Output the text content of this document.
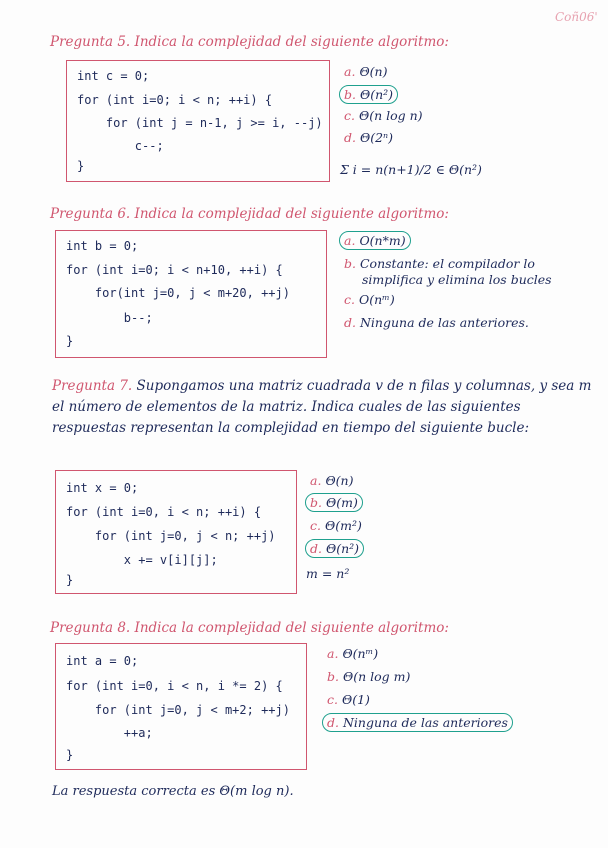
Coñ06'
Pregunta 5. Indica la complejidad del siguiente algoritmo:
int c = 0;
for (int i=0; i < n; ++i) {
for (int j = n-1, j >= i, --j)
c--;
}
a. Θ(n)
b. Θ(n²)
c. Θ(n log n)
d. Θ(2ⁿ)
Σ i = n(n+1)/2 ∈ Θ(n²)
Pregunta 6. Indica la complejidad del siguiente algoritmo:
int b = 0;
for (int i=0; i < n+10, ++i) {
for(int j=0, j < m+20, ++j)
b--;
}
a. O(n*m)
b. Constante: el compilador lo
simplifica y elimina los bucles
c. O(nᵐ)
d. Ninguna de las anteriores.
Pregunta 7. Supongamos una matriz cuadrada v de n filas y columnas, y sea m el número de elementos de la matriz. Indica cuales de las siguientes respuestas representan la complejidad en tiempo del siguiente bucle:
int x = 0;
for (int i=0, i < n; ++i) {
for (int j=0, j < n; ++j)
x += v[i][j];
}
a. Θ(n)
b. Θ(m)
c. Θ(m²)
d. Θ(n²)
m = n²
Pregunta 8. Indica la complejidad del siguiente algoritmo:
int a = 0;
for (int i=0, i < n, i *= 2) {
for (int j=0, j < m+2; ++j)
++a;
}
a. Θ(nᵐ)
b. Θ(n log m)
c. Θ(1)
d. Ninguna de las anteriores
La respuesta correcta es Θ(m log n).
